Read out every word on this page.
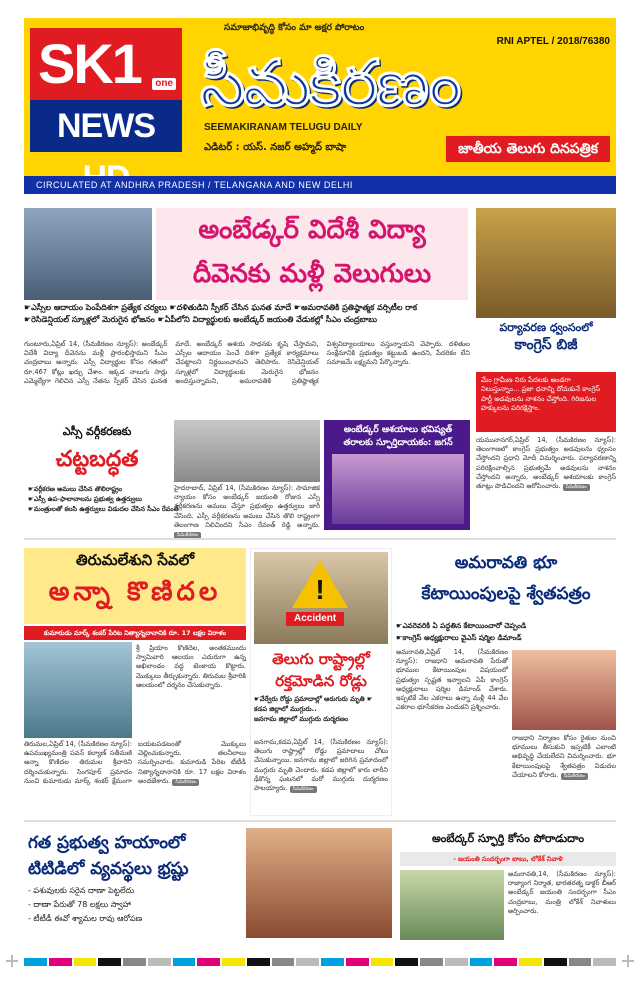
SK1	one
NEWS
సమాజాభివృద్ధి కోసం మా అక్షర పోరాటం
RNI APTEL / 2018/76380
సీమకిరణం
SEEMAKIRANAM TELUGU DAILY
ఎడిటర్ : యస్. నజర్ అహ్మద్ బాషా	జాతీయ తెలుగు దినపత్రిక
CIRCULATED AT ANDHRA PRADESH / TELANGANA AND NEW DELHI
అంబేడ్కర్ విదేశీ విద్యా
దీవెనకు మళ్లీ వెలుగులు
☛ఎస్సీల ఆదాయం పెంపేదిశగా ప్రత్యేక చర్యలు ☛దళితుడిని స్పీకర్ చేసిన ఘనత మాదే ☛అమరావతికి ప్రతిష్ఠాత్మక వర్సిటీల రాక
☛రెసిడెన్షియల్ స్కూళ్లలో మెరుగైన భోజనం ☛ఏపీలోని విద్యార్థులకు అంబేడ్కర్ జయంతి వేడుకల్లో సీఎం చంద్రబాబు
గుంటూరు,ఏప్రిల్ 14, (సీమకిరణం న్యూస్): అంబేడ్కర్ విదేశీ విద్యా దీవెనను మళ్లీ ప్రారంభిస్తామని సీఎం చంద్రబాబు అన్నారు. ఎస్సీ విద్యార్థుల కోసం గతంలో రూ.467 కోట్లు ఖర్చు చేశాం. ఇక్కడ నాలుగు సార్లు ఎమ్మెల్యేగా గెలిచిన ఎస్సీ నేతను స్పీకర్ చేసిన ఘనత మాదే. అంబేడ్కర్ ఆశయ సాధనకు కృషి చేస్తామని, ఎస్సీల ఆదాయం పెంచే దిశగా ప్రత్యేక కార్యక్రమాలు చేపట్టాలని నిర్ణయించామని తెలిపారు. రెసిడెన్షియల్ స్కూళ్లలో విద్యార్థులకు మెరుగైన భోజనం అందిస్తున్నామని, అమరావతికి ప్రతిష్ఠాత్మక విశ్వవిద్యాలయాలు వస్తున్నాయని చెప్పారు. దళితుల సంక్షేమానికి ప్రభుత్వం కట్టుబడి ఉందని, పేదరికం లేని సమాజమే లక్ష్యమని పేర్కొన్నారు.
పర్యావరణ ధ్వంసంలో
కాంగ్రెస్ బిజీ
మేం గ్రామీణ నిరు పేదలకు అండగా నిలుస్తున్నాం... ప్రజా ధనాన్ని దోచుకునే కాంగ్రెస్ పార్టీ అడవులను నాశనం చేస్తోంది. గిరిజనుల హక్కులను పరిరక్షిస్తాం.
యమునానగర్,ఏప్రిల్ 14, (సీమకిరణం న్యూస్): తెలంగాణలో కాంగ్రెస్ ప్రభుత్వం అడవులను ధ్వంసం చేస్తోందని ప్రధాని మోదీ విమర్శించారు. పర్యావరణాన్ని పరిరక్షించాల్సిన ప్రభుత్వమే అడవులను నాశనం చేస్తోందని అన్నారు. అంబేడ్కర్ ఆశయాలకు కాంగ్రెస్ తూట్లు పొడిచిందని ఆరోపించారు. సీమకిరణం
ఎస్సీ వర్గీకరణకు
చట్టబద్ధత
☛వర్గీకరణ అమలు చేసిన తొలిరాష్ట్రం
☛ఎస్సీ ఉప-ఫాలానాలను ప్రభుత్వ ఉత్తర్వులు
☛మంత్రులతో కలసి ఉత్తర్వులు విడుదల చేసిన సీఎం రేవంత్
హైదరాబాద్, ఏప్రిల్ 14, (సీమకిరణం న్యూస్): సామాజిక న్యాయం కోసం అంబేడ్కర్ జయంతి రోజున ఎస్సీ వర్గీకరణను అమలు చేస్తూ ప్రభుత్వం ఉత్తర్వులు జారీ చేసింది. ఎస్సీ వర్గీకరణను అమలు చేసిన తొలి రాష్ట్రంగా తెలంగాణ నిలిచిందని సీఎం రేవంత్ రెడ్డి అన్నారు. సీమకిరణం
అంబేడ్కర్ ఆశయాలు భవిష్యత్ తరాలకు స్ఫూర్తిదాయకం: జగన్
తిరుమలేశుని సేవలో
అన్నా కొణిదల
కుమారుడు మార్క్ శంకర్ పేరిట నిత్యాన్నదానానికి రూ. 17 లక్షల విరాళం
శ్రీ ప్రియాం కొణిదెల, అంతకముందు స్వామివారి ఆలయం ఎదురుగా ఉన్న అఖిలాండం వద్ద టెంకాయ కొట్టారు. మొక్కులు తీర్చుకున్నారు. తిరుమల శ్రీవారికి ఆలయంలో దర్శనం చేసుకున్నారు.
తిరుమల,ఏప్రిల్ 14, (సీమకిరణం న్యూస్): ఉపముఖ్యమంత్రి పవన్ కల్యాణ్ సతీమణి అన్నా కొణిదల తిరుమల శ్రీవారిని దర్శించుకున్నారు. సింగపూర్ ప్రమాదం నుంచి కుమారుడు మార్క్ శంకర్ క్షేమంగా బయటపడటంతో మొక్కులు చెల్లించుకున్నారు. తలనీలాలు సమర్పించారు. కుమారుడి పేరిట టీటీడీ నిత్యాన్నదానానికి రూ. 17 లక్షల విరాళం అందజేశారు. సీమకిరణం
!
Accident
తెలుగు రాష్ట్రాల్లో రక్తమోడిన రోడ్లు
☛వేర్వేరు రోడ్డు ప్రమాదాల్లో ఆరుగురు మృతి ☛ కడప జిల్లాలో ముగ్గురు..
జనగామ జిల్లాలో ముగ్గురు దుర్మరణం
జనగామ,కడప,ఏప్రిల్ 14, (సీమకిరణం న్యూస్): తెలుగు రాష్ట్రాల్లో రోడ్డు ప్రమాదాలు చోటు చేసుకున్నాయి. జనగామ జిల్లాలో జరిగిన ప్రమాదంలో ముగ్గురు మృతి చెందారు. కడప జిల్లాలో కారు లారీని ఢీకొన్న ఘటనలో మరో ముగ్గురు దుర్మరణం పాలయ్యారు. సీమకిరణం
అమరావతి భూ
కేటాయింపులపై శ్వేతపత్రం
☛ఎవరెవరికి ఏ పద్ధతిన కేటాయించారో చెప్పండి
☛కాంగ్రెస్ అధ్యక్షురాలు వైఎస్ షర్మిల డిమాండ్
అమరావతి,ఏప్రిల్ 14, (సీమకిరణం న్యూస్): రాజధాని అమరావతి పేరుతో భూముల కేటాయింపుల విషయంలో ప్రభుత్వం స్పష్టత ఇవ్వాలని ఏపీ కాంగ్రెస్ అధ్యక్షురాలు షర్మిల డిమాండ్ చేశారు. ఇప్పటికే వేల ఎకరాలు ఉన్నా మళ్లీ 44 వేల ఎకరాల భూసేకరణ ఎందుకని ప్రశ్నించారు.
రాజధాని నిర్మాణం కోసం రైతుల నుంచి భూములు తీసుకుని ఇప్పటికీ ఎలాంటి అభివృద్ధి చేయలేదని విమర్శించారు. భూ కేటాయింపులపై శ్వేతపత్రం విడుదల చేయాలని కోరారు. సీమకిరణం
గత ప్రభుత్వ హయాంలో
టిటిడిలో వ్యవస్థలు భ్రష్టు
- పశువులకు సరైన దాణా పెట్టలేదు
- దాణా పేరుతో 78 లక్షలు స్వాహా
- టీటీడీ ఈవో శ్యామల రావు ఆరోపణ
అంబేద్కర్ స్ఫూర్తి కోసం పోరాడుదాం
- జయంతి సందర్భంగా బాబు, లోకేశ్ నివాళి
అమరావతి,14, (సీమకిరణం న్యూస్): రాజ్యాంగ నిర్మాత, భారతరత్న డాక్టర్ బీఆర్ అంబేడ్కర్ జయంతి సందర్భంగా సీఎం చంద్రబాబు, మంత్రి లోకేశ్ నివాళులు అర్పించారు.
